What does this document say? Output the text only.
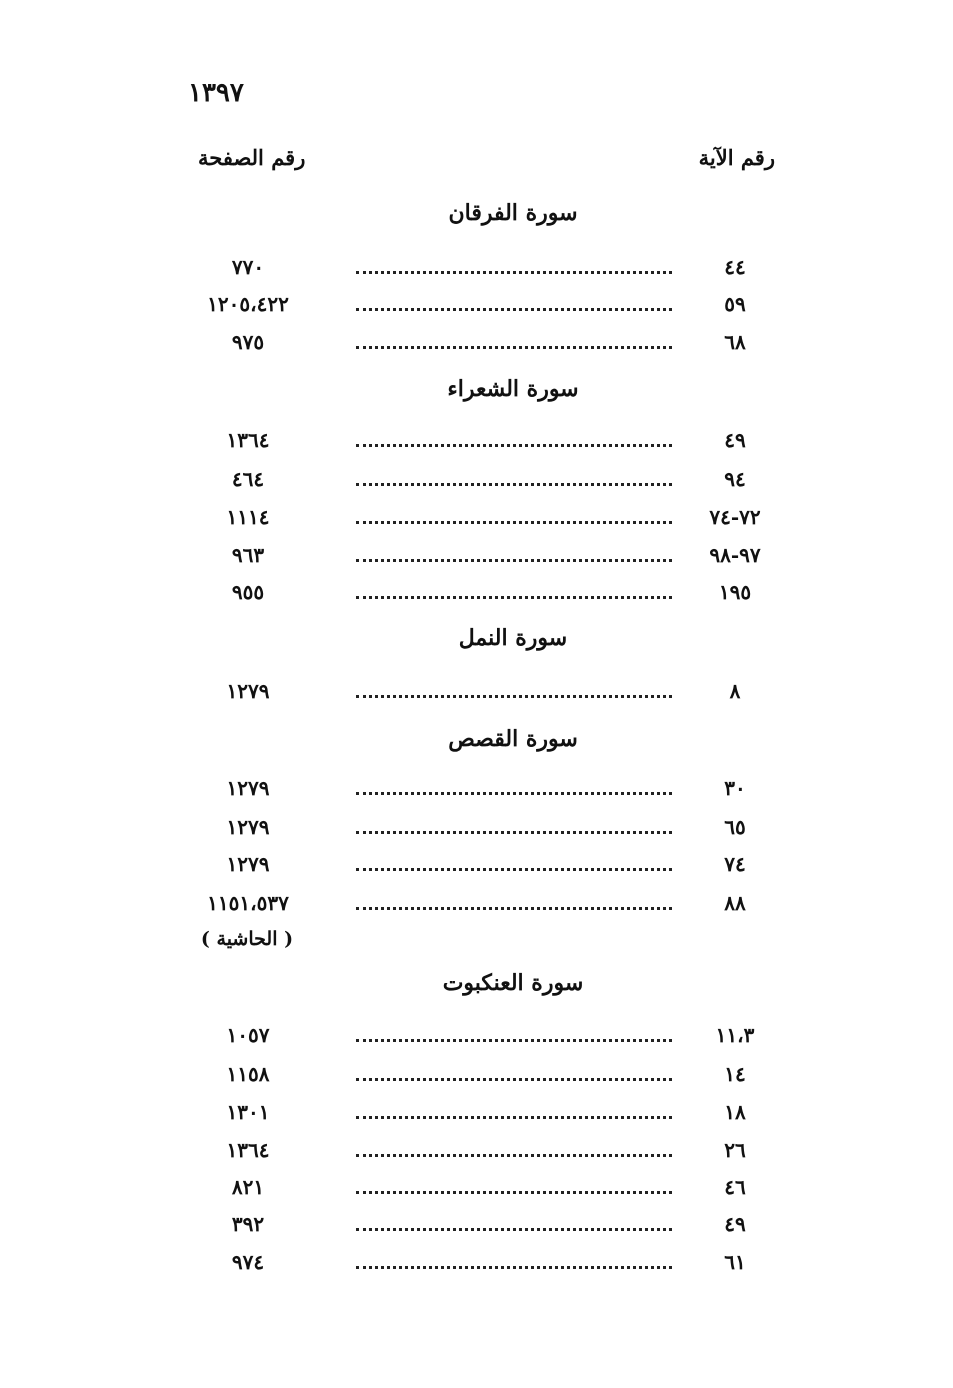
١٣٩٧
رقم الآية
رقم الصفحة
سورة الفرقان
٤٤
٧٧٠
٥٩
١٢٠٥،٤٢٢
٦٨
٩٧٥
سورة الشعراء
٤٩
١٣٦٤
٩٤
٤٦٤
٧٢-٧٤
١١١٤
٩٧-٩٨
٩٦٣
١٩٥
٩٥٥
سورة النمل
٨
١٢٧٩
سورة القصص
٣٠
١٢٧٩
٦٥
١٢٧٩
٧٤
١٢٧٩
٨٨
١١٥١،٥٣٧
( الحاشية )
سورة العنكبوت
١١،٣
١٠٥٧
١٤
١١٥٨
١٨
١٣٠١
٢٦
١٣٦٤
٤٦
٨٢١
٤٩
٣٩٢
٦١
٩٧٤
